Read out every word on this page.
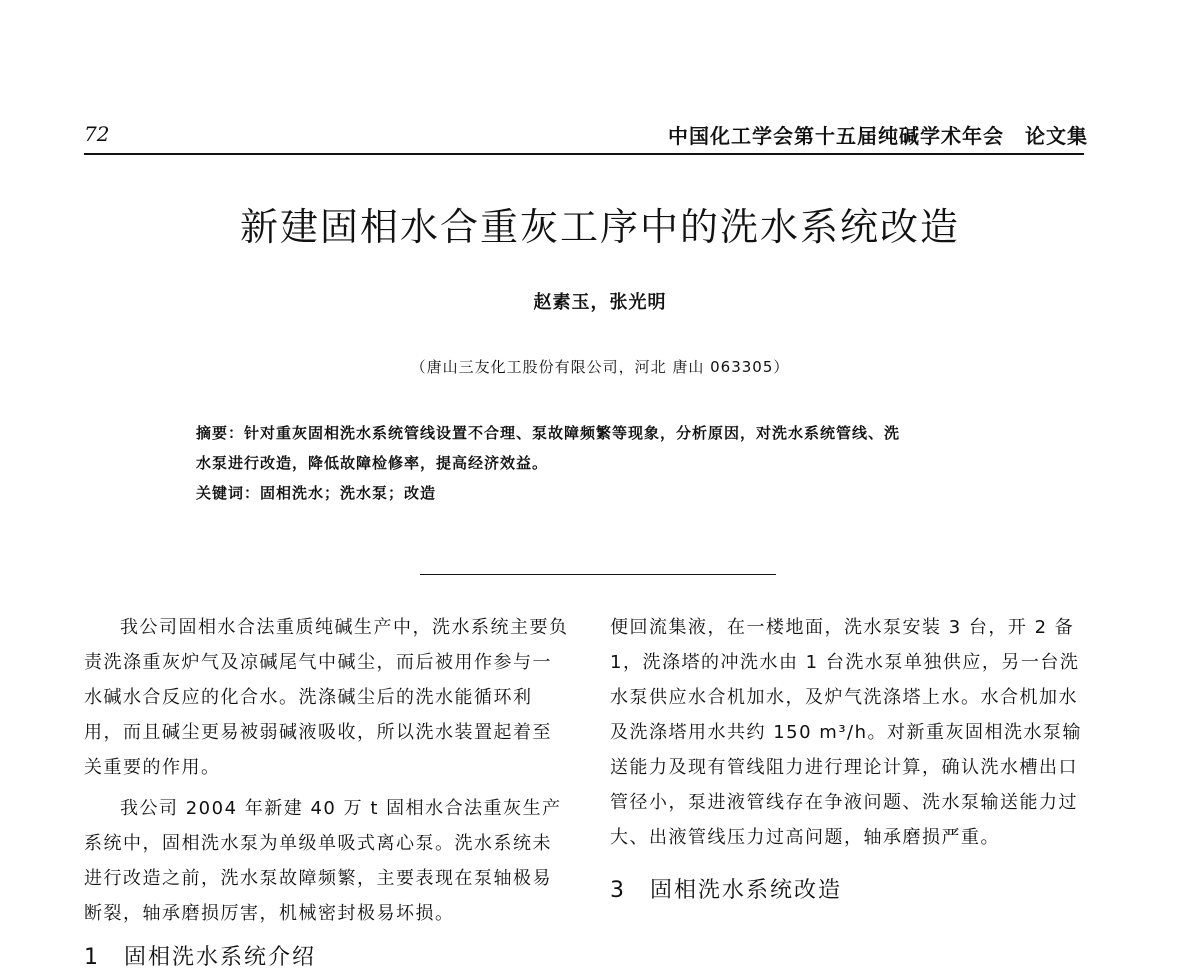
72	中国化工学会第十五届纯碱学术年会　论文集
新建固相水合重灰工序中的洗水系统改造
赵素玉，张光明
（唐山三友化工股份有限公司，河北 唐山 063305）

摘要：针对重灰固相洗水系统管线设置不合理、泵故障频繁等现象，分析原因，对洗水系统管线、洗

水泵进行改造，降低故障检修率，提高经济效益。

关键词：固相洗水；洗水泵；改造

我公司固相水合法重质纯碱生产中，洗水系统主要负责洗涤重灰炉气及凉碱尾气中碱尘，而后被用作参与一水碱水合反应的化合水。洗涤碱尘后的洗水能循环利用，而且碱尘更易被弱碱液吸收，所以洗水装置起着至关重要的作用。

我公司 2004 年新建 40 万 t 固相水合法重灰生产系统中，固相洗水泵为单级单吸式离心泵。洗水系统未进行改造之前，洗水泵故障频繁，主要表现在泵轴极易断裂，轴承磨损厉害，机械密封极易坏损。

1 固相洗水系统介绍

便回流集液，在一楼地面，洗水泵安装 3 台，开 2 备 1，洗涤塔的冲洗水由 1 台洗水泵单独供应，另一台洗水泵供应水合机加水，及炉气洗涤塔上水。水合机加水及洗涤塔用水共约 150 m³/h。对新重灰固相洗水泵输送能力及现有管线阻力进行理论计算，确认洗水槽出口管径小，泵进液管线存在争液问题、洗水泵输送能力过大、出液管线压力过高问题，轴承磨损严重。

3 固相洗水系统改造
